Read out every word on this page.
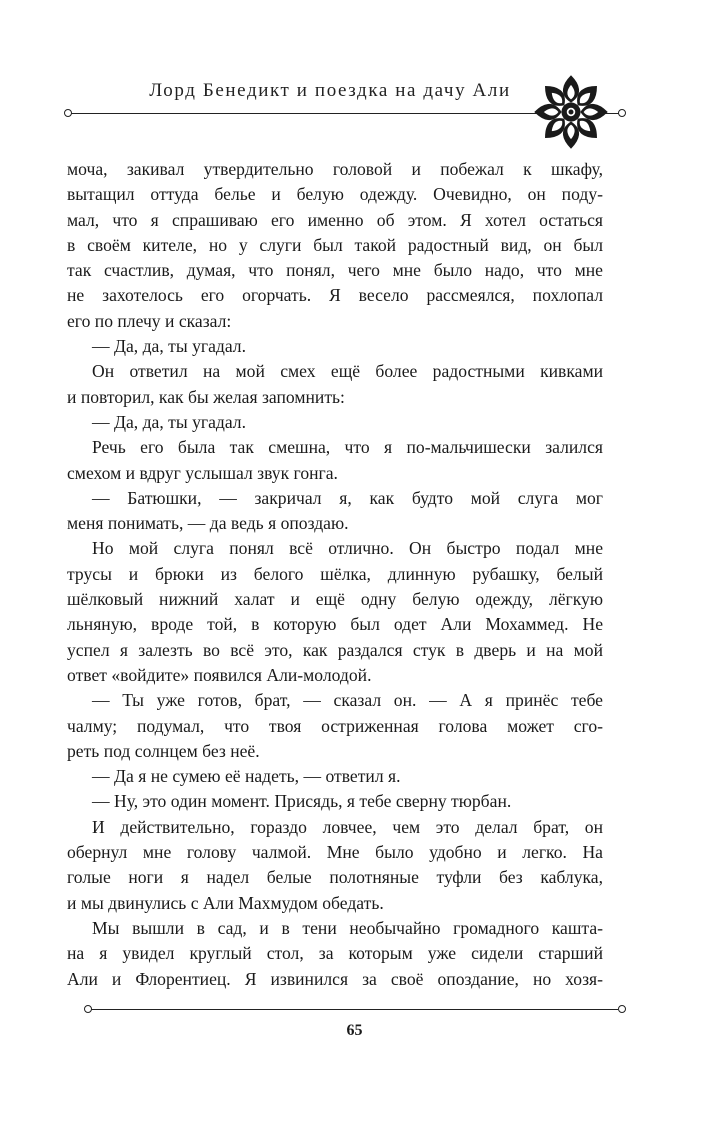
Лорд Бенедикт и поездка на дачу Али
моча, закивал утвердительно головой и побежал к шкафу,
вытащил оттуда белье и белую одежду. Очевидно, он поду-
мал, что я спрашиваю его именно об этом. Я хотел остаться
в своём кителе, но у слуги был такой радостный вид, он был
так счастлив, думая, что понял, чего мне было надо, что мне
не захотелось его огорчать. Я весело рассмеялся, похлопал
его по плечу и сказал:
— Да, да, ты угадал.
Он ответил на мой смех ещё более радостными кивками
и повторил, как бы желая запомнить:
— Да, да, ты угадал.
Речь его была так смешна, что я по-мальчишески залился
смехом и вдруг услышал звук гонга.
— Батюшки, — закричал я, как будто мой слуга мог
меня понимать, — да ведь я опоздаю.
Но мой слуга понял всё отлично. Он быстро подал мне
трусы и брюки из белого шёлка, длинную рубашку, белый
шёлковый нижний халат и ещё одну белую одежду, лёгкую
льняную, вроде той, в которую был одет Али Мохаммед. Не
успел я залезть во всё это, как раздался стук в дверь и на мой
ответ «войдите» появился Али-молодой.
— Ты уже готов, брат, — сказал он. — А я принёс тебе
чалму; подумал, что твоя остриженная голова может сго-
реть под солнцем без неё.
— Да я не сумею её надеть, — ответил я.
— Ну, это один момент. Присядь, я тебе сверну тюрбан.
И действительно, гораздо ловчее, чем это делал брат, он
обернул мне голову чалмой. Мне было удобно и легко. На
голые ноги я надел белые полотняные туфли без каблука,
и мы двинулись с Али Махмудом обедать.
Мы вышли в сад, и в тени необычайно громадного кашта-
на я увидел круглый стол, за которым уже сидели старший
Али и Флорентиец. Я извинился за своё опоздание, но хозя-
65
